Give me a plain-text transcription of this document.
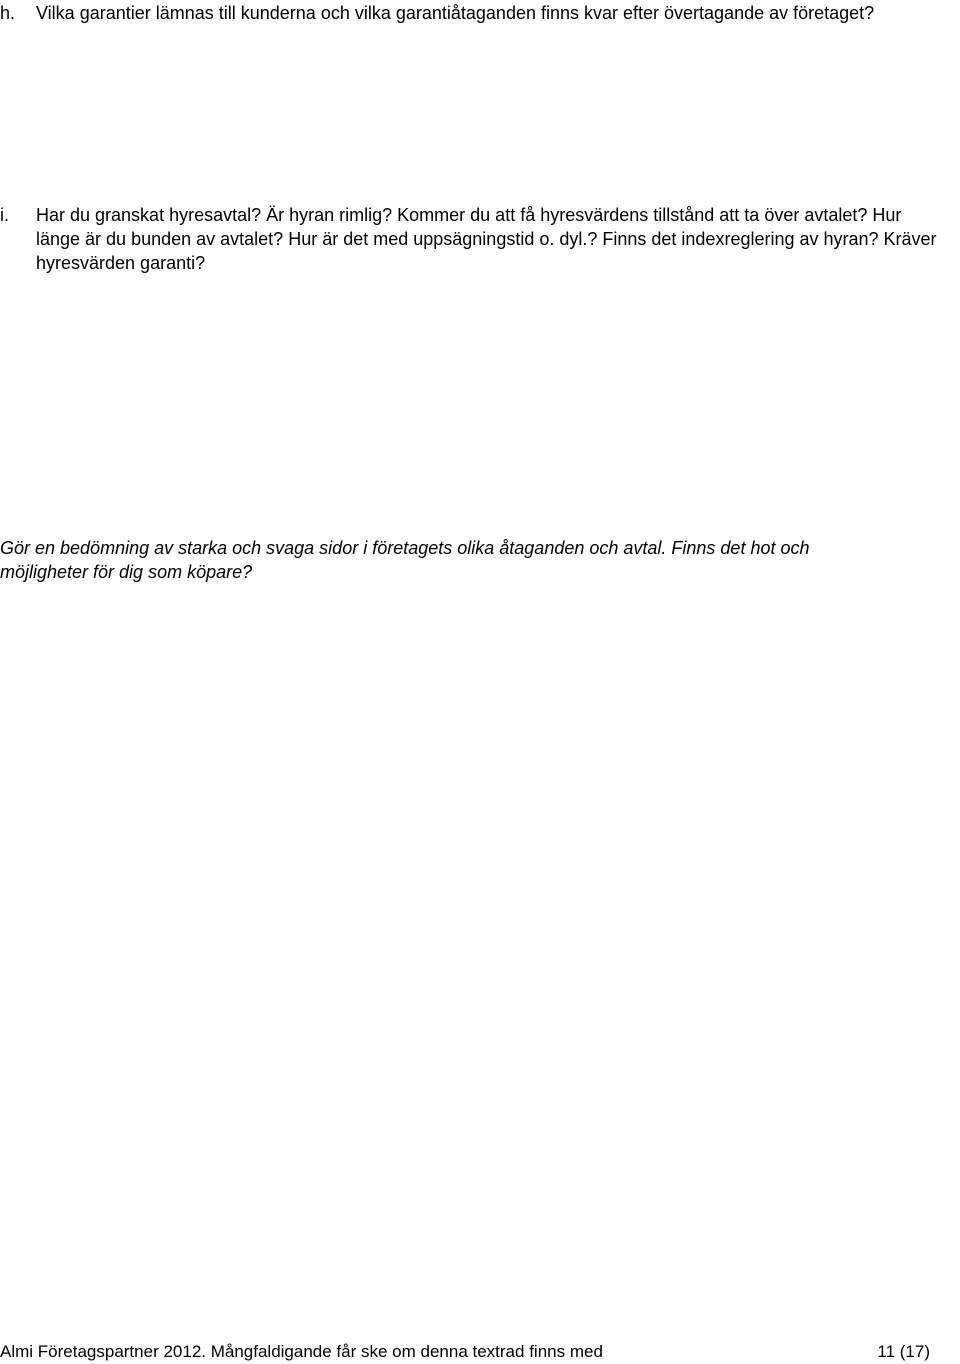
h. Vilka garantier lämnas till kunderna och vilka garantiåtaganden finns kvar efter övertagande av företaget?
i. Har du granskat hyresavtal? Är hyran rimlig? Kommer du att få hyresvärdens tillstånd att ta över avtalet? Hur länge är du bunden av avtalet? Hur är det med uppsägningstid o. dyl.? Finns det indexreglering av hyran? Kräver hyresvärden garanti?
Gör en bedömning av starka och svaga sidor i företagets olika åtaganden och avtal. Finns det hot och
möjligheter för dig som köpare?
Almi Företagspartner 2012. Mångfaldigande får ske om denna textrad finns med	11 (17)
